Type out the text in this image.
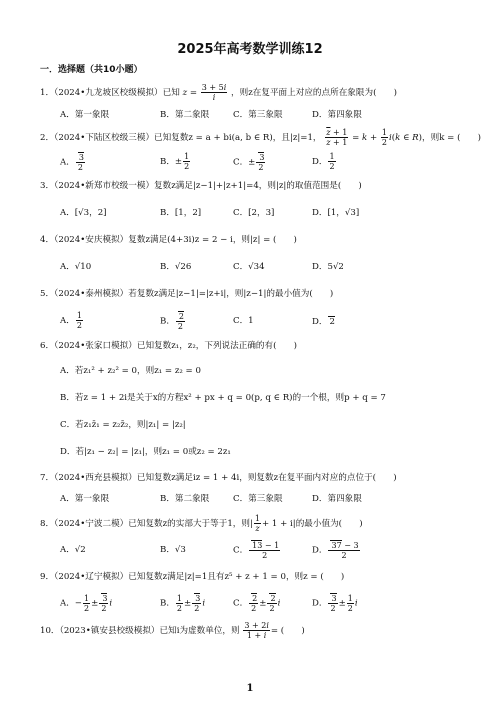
2025年高考数学训练12
一．选择题（共10小题）
1．（2024•九龙坡区校级模拟）已知 $z = \frac{3 + 5i}{i}$ ，则z在复平面上对应的点所在象限为(　　)
A．第一象限	B．第二象限	C．第三象限	D．第四象限
2．（2024•下陆区校级三模）已知复数z = a + bi(a, b ∈ R)，且|z|=1， $\frac{\overline{z} + 1}{z + 1} = k + \frac{1}{2} i(k$ ∈ R)，则k = (　　)
A． $\frac{3}{2}$	B．± $\frac{1}{2}$	C．± $\frac{3}{2}$	D． $\frac{1}{2}$
3．（2024•新郑市校级一模）复数z满足|z−1|+|z+1|=4，则|z|的取值范围是(　　)
A．[√3，2]	B．[1，2]	C．[2，3]	D．[1，√3]
4．（2024•安庆模拟）复数z满足(4+3i)z = 2 − i，则|z| = (　　)
A．√10	B．√26	C．√34	D．5√2
5．（2024•泰州模拟）若复数z满足|z−1|=|z+i|，则|z−1|的最小值为(　　)
A． $\frac{1}{2}$	B． $\frac{2}{2}$	C．1	D． 2
6．（2024•张家口模拟）已知复数z₁，z₂，下列说法正确的有(　　)
A．若z₁² + z₂² = 0，则z₁ = z₂ = 0
B．若z = 1 + 2i是关于x的方程x² + px + q = 0(p, q ∈ R)的一个根，则p + q = 7
C．若z₁z̄₁ = z₂z̄₂，则|z₁| = |z₂|
D．若|z₁ − z₂| = |z₁|，则z₁ = 0或z₂ = 2z₁
7．（2024•西充县模拟）已知复数z满足iz = 1 + 4i，则复数z在复平面内对应的点位于(　　)
A．第一象限	B．第二象限	C．第三象限	D．第四象限
8．（2024•宁波二模）已知复数z的实部大于等于1，则| $\frac{1}{z} + 1 + i|$的最小值为(　　)
A．√2	B．√3	C． $\frac{13 - 1}{2}$	D． $\frac{37 - 3}{2}$
9．（2024•辽宁模拟）已知复数z满足|z|=1且有z⁵ + z + 1 = 0，则z = (　　)
A．− $\frac{1}{2} \pm \frac{3}{2}$ i	B． $\frac{1}{2} \pm \frac{3}{2}$ i	C． $\frac{2}{2} \pm \frac{2}{2}$ i	D． $\frac{3}{2} \pm \frac{1}{2}$ i
10．（2023•镇安县校级模拟）已知i为虚数单位，则 $\frac{3 + 2i}{1 + i}$ = (　　)
1
